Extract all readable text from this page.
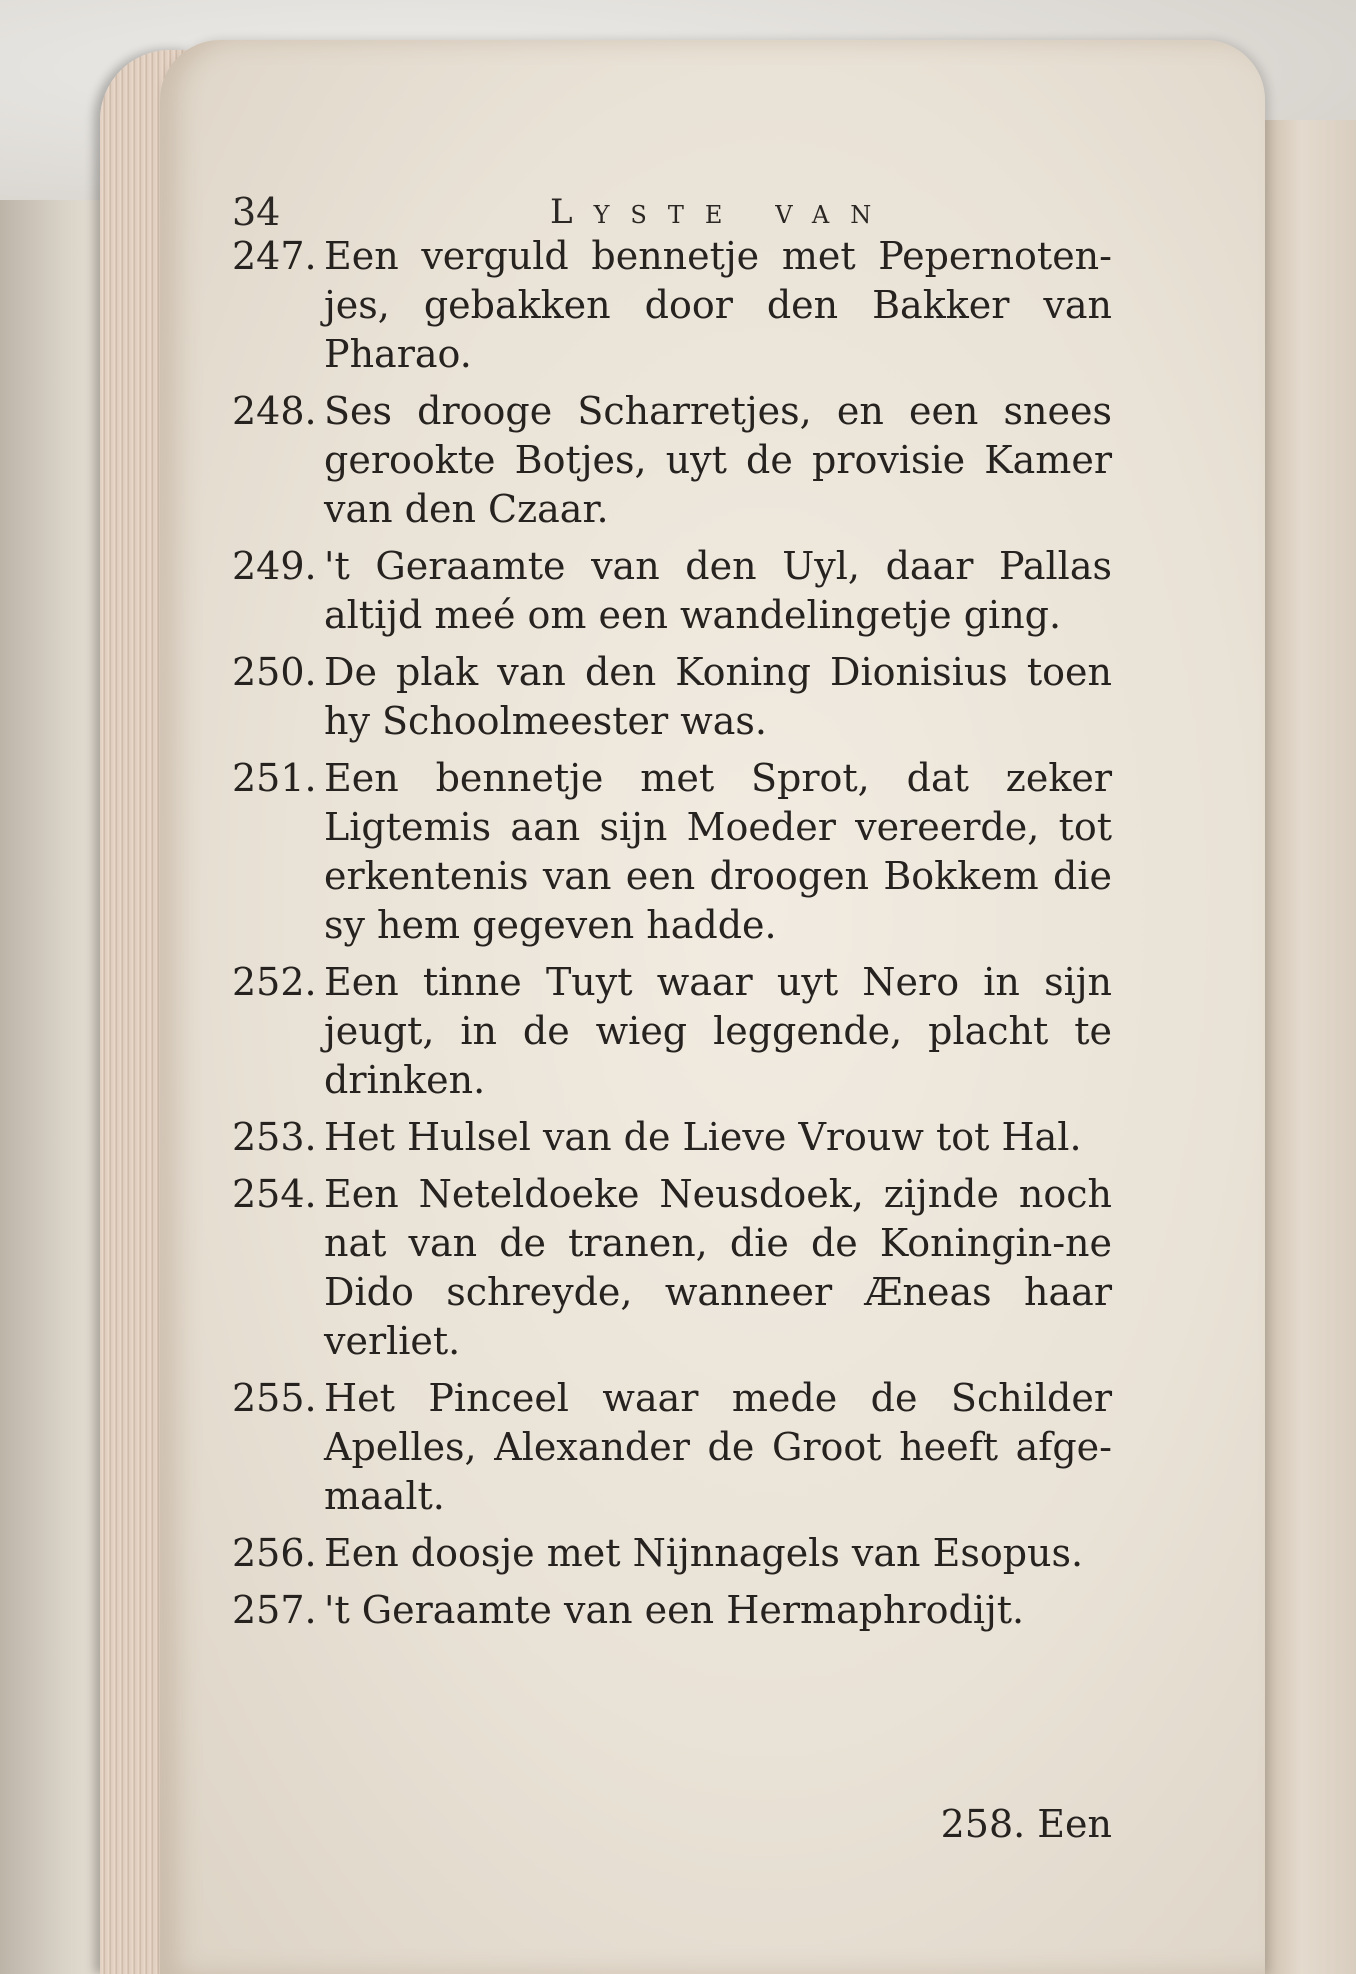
34	Lyste van
247. Een verguld bennetje met Pepernoten-jes, gebakken door den Bakker van Pharao.
248. Ses drooge Scharretjes, en een snees gerookte Botjes, uyt de provisie Kamer van den Czaar.
249. 't Geraamte van den Uyl, daar Pallas altijd meé om een wandelingetje ging.
250. De plak van den Koning Dionisius toen hy Schoolmeester was.
251. Een bennetje met Sprot, dat zeker Ligtemis aan sijn Moeder vereerde, tot erkentenis van een droogen Bokkem die sy hem gegeven hadde.
252. Een tinne Tuyt waar uyt Nero in sijn jeugt, in de wieg leggende, placht te drinken.
253. Het Hulsel van de Lieve Vrouw tot Hal.
254. Een Neteldoeke Neusdoek, zijnde noch nat van de tranen, die de Koningin-ne Dido schreyde, wanneer Æneas haar verliet.
255. Het Pinceel waar mede de Schilder Apelles, Alexander de Groot heeft afge-maalt.
256. Een doosje met Nijnnagels van Esopus.
257. 't Geraamte van een Hermaphrodijt.
258. Een
